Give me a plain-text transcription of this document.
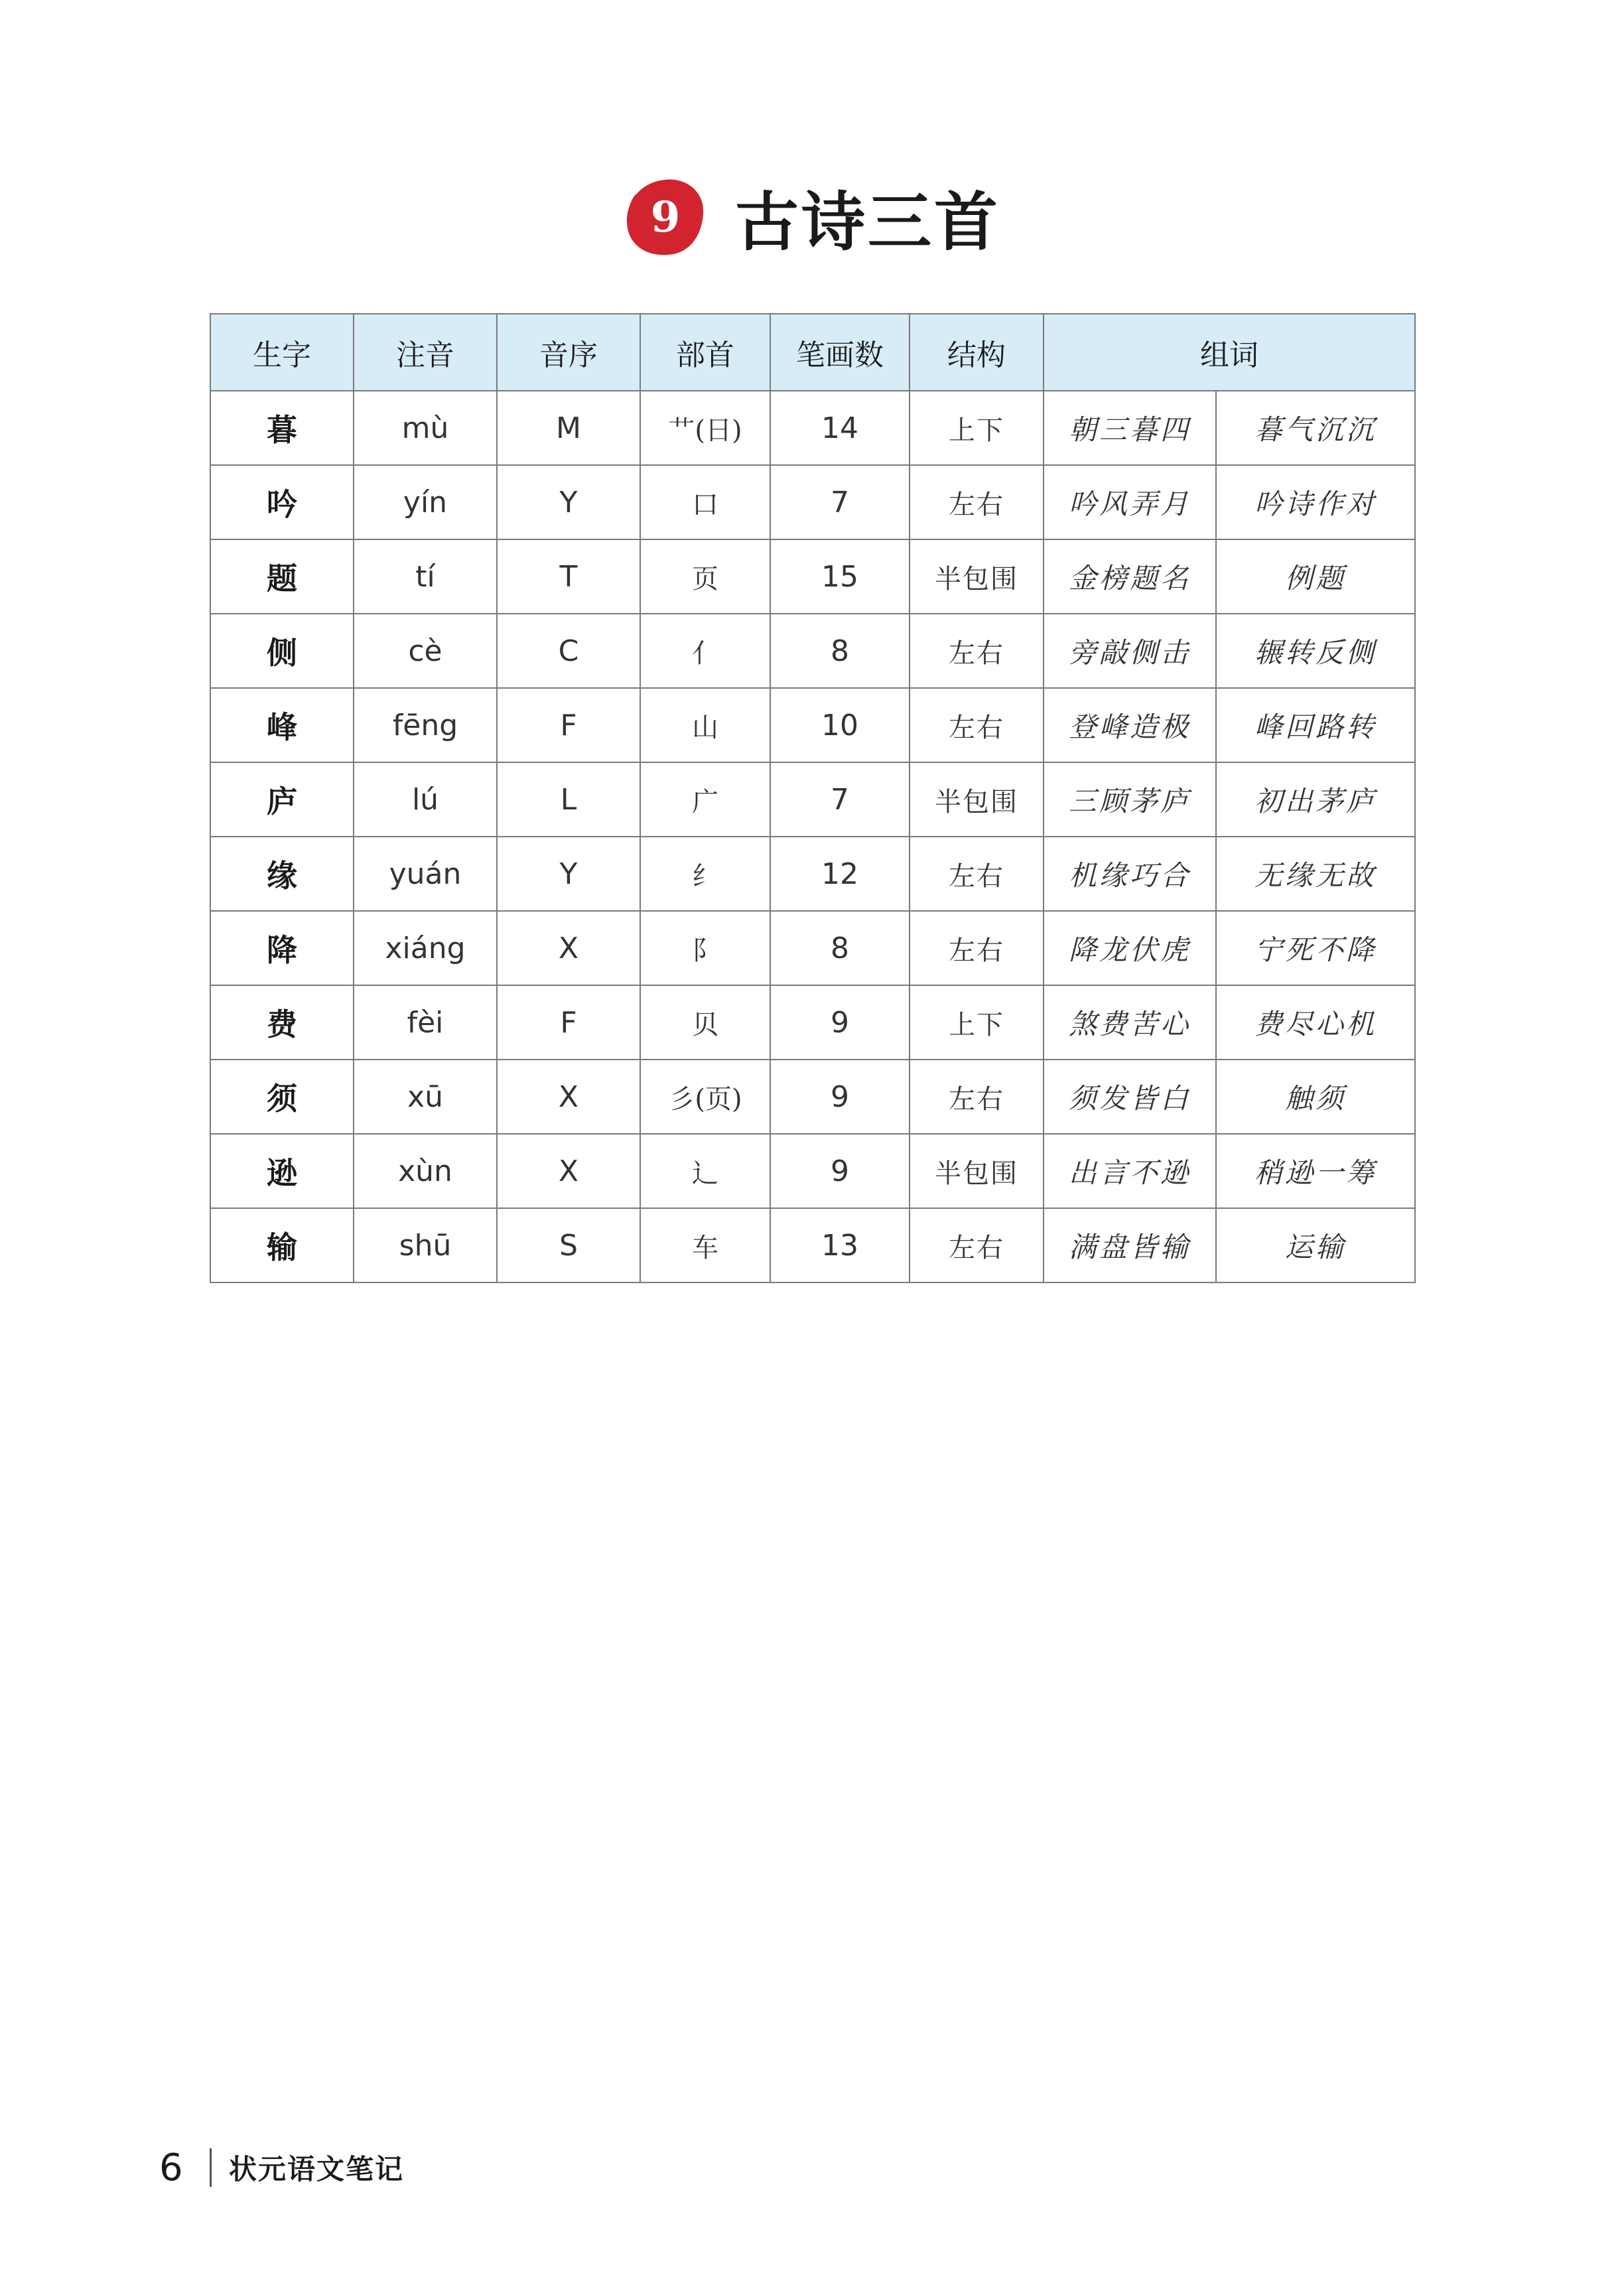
9 古诗三首
生字	注音	音序	部首	笔画数	结构	组词	
暮	mù	M	艹(日)	14	上下	朝三暮四	暮气沉沉
吟	yín	Y	口	7	左右	吟风弄月	吟诗作对
题	tí	T	页	15	半包围	金榜题名	例题
侧	cè	C	亻	8	左右	旁敲侧击	辗转反侧
峰	fēng	F	山	10	左右	登峰造极	峰回路转
庐	lú	L	广	7	半包围	三顾茅庐	初出茅庐
缘	yuán	Y	纟	12	左右	机缘巧合	无缘无故
降	xiáng	X	阝	8	左右	降龙伏虎	宁死不降
费	fèi	F	贝	9	上下	煞费苦心	费尽心机
须	xū	X	彡(页)	9	左右	须发皆白	触须
逊	xùn	X	辶	9	半包围	出言不逊	稍逊一筹
输	shū	S	车	13	左右	满盘皆输	运输
6	状元语文笔记
